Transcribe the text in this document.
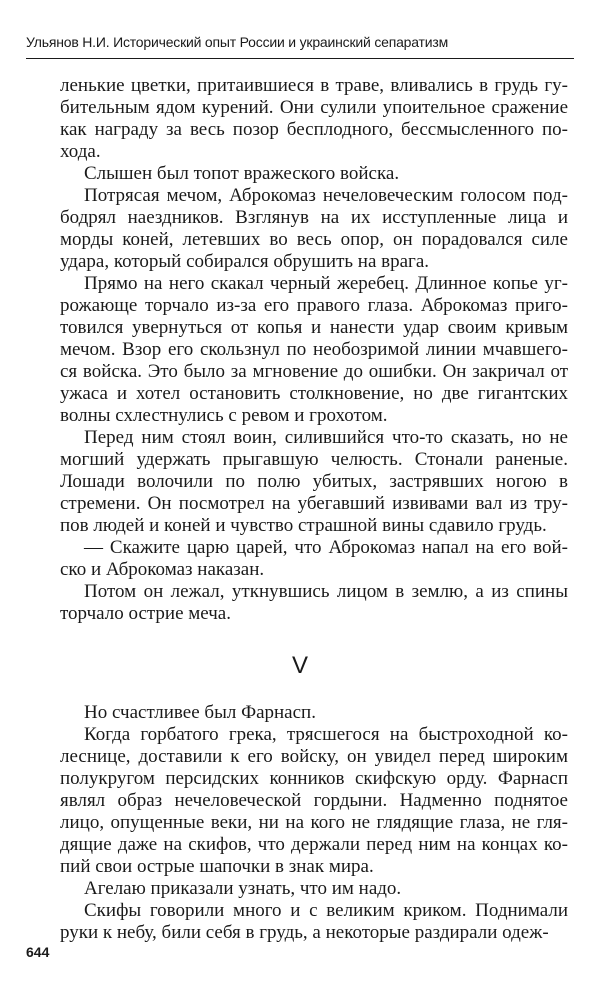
Ульянов Н.И. Исторический опыт России и украинский сепаратизм

ленькие цветки, притаившиеся в траве, вливались в грудь гу-бительным ядом курений. Они сулили упоительное сражение как награду за весь позор бесплодного, бессмысленного по-хода.

Слышен был топот вражеского войска.

Потрясая мечом, Аброкомаз нечеловеческим голосом под-бодрял наездников. Взглянув на их исступленные лица и морды коней, летевших во весь опор, он порадовался силе удара, который собирался обрушить на врага.

Прямо на него скакал черный жеребец. Длинное копье уг-рожающе торчало из-за его правого глаза. Аброкомаз приго-товился увернуться от копья и нанести удар своим кривым мечом. Взор его скользнул по необозримой линии мчавшего-ся войска. Это было за мгновение до ошибки. Он закричал от ужаса и хотел остановить столкновение, но две гигантских волны схлестнулись с ревом и грохотом.

Перед ним стоял воин, силившийся что-то сказать, но не могший удержать прыгавшую челюсть. Стонали раненые. Лошади волочили по полю убитых, застрявших ногою в стремени. Он посмотрел на убегавший извивами вал из тру-пов людей и коней и чувство страшной вины сдавило грудь.

— Скажите царю царей, что Аброкомаз напал на его вой-ско и Аброкомаз наказан.

Потом он лежал, уткнувшись лицом в землю, а из спины торчало острие меча.

V

Но счастливее был Фарнасп.

Когда горбатого грека, трясшегося на быстроходной ко-леснице, доставили к его войску, он увидел перед широким полукругом персидских конников скифскую орду. Фарнасп являл образ нечеловеческой гордыни. Надменно поднятое лицо, опущенные веки, ни на кого не глядящие глаза, не гля-дящие даже на скифов, что держали перед ним на концах ко-пий свои острые шапочки в знак мира.

Агелаю приказали узнать, что им надо.

Скифы говорили много и с великим криком. Поднимали руки к небу, били себя в грудь, а некоторые раздирали одеж-

644
